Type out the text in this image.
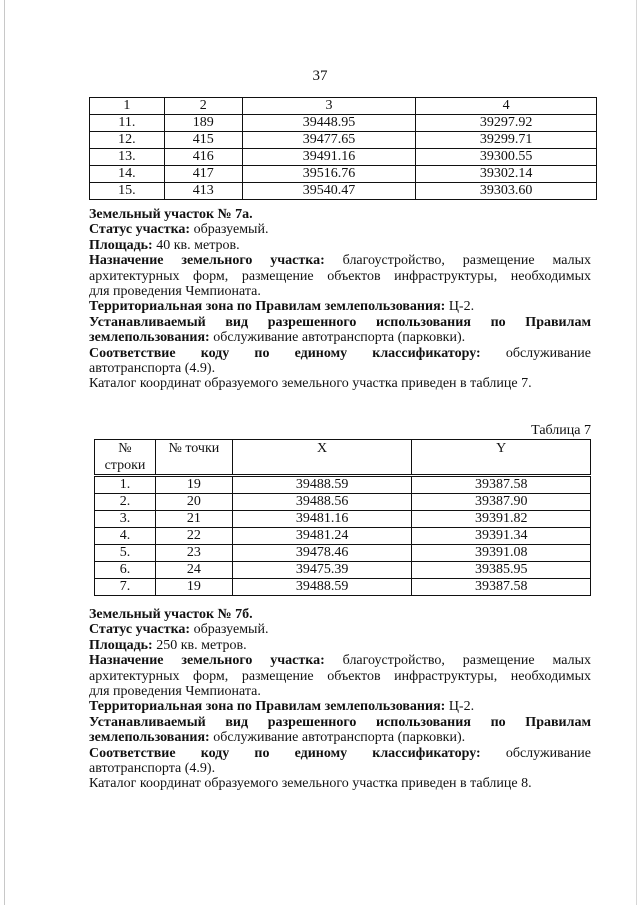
37
1	2	3	4
11.	189	39448.95	39297.92
12.	415	39477.65	39299.71
13.	416	39491.16	39300.55
14.	417	39516.76	39302.14
15.	413	39540.47	39303.60

Земельный участок № 7а.

Статус участка: образуемый.

Площадь: 40 кв. метров.

Назначение земельного участка: благоустройство, размещение малых

архитектурных форм, размещение объектов инфраструктуры, необходимых

для проведения Чемпионата.

Территориальная зона по Правилам землепользования: Ц-2.

Устанавливаемый вид разрешенного использования по Правилам

землепользования: обслуживание автотранспорта (парковки).

Соответствие коду по единому классификатору: обслуживание

автотранспорта (4.9).

Каталог координат образуемого земельного участка приведен в таблице 7.

Таблица 7
№
строки	№ точки	X	Y
1.	19	39488.59	39387.58
2.	20	39488.56	39387.90
3.	21	39481.16	39391.82
4.	22	39481.24	39391.34
5.	23	39478.46	39391.08
6.	24	39475.39	39385.95
7.	19	39488.59	39387.58

Земельный участок № 7б.

Статус участка: образуемый.

Площадь: 250 кв. метров.

Назначение земельного участка: благоустройство, размещение малых

архитектурных форм, размещение объектов инфраструктуры, необходимых

для проведения Чемпионата.

Территориальная зона по Правилам землепользования: Ц-2.

Устанавливаемый вид разрешенного использования по Правилам

землепользования: обслуживание автотранспорта (парковки).

Соответствие коду по единому классификатору: обслуживание

автотранспорта (4.9).

Каталог координат образуемого земельного участка приведен в таблице 8.
